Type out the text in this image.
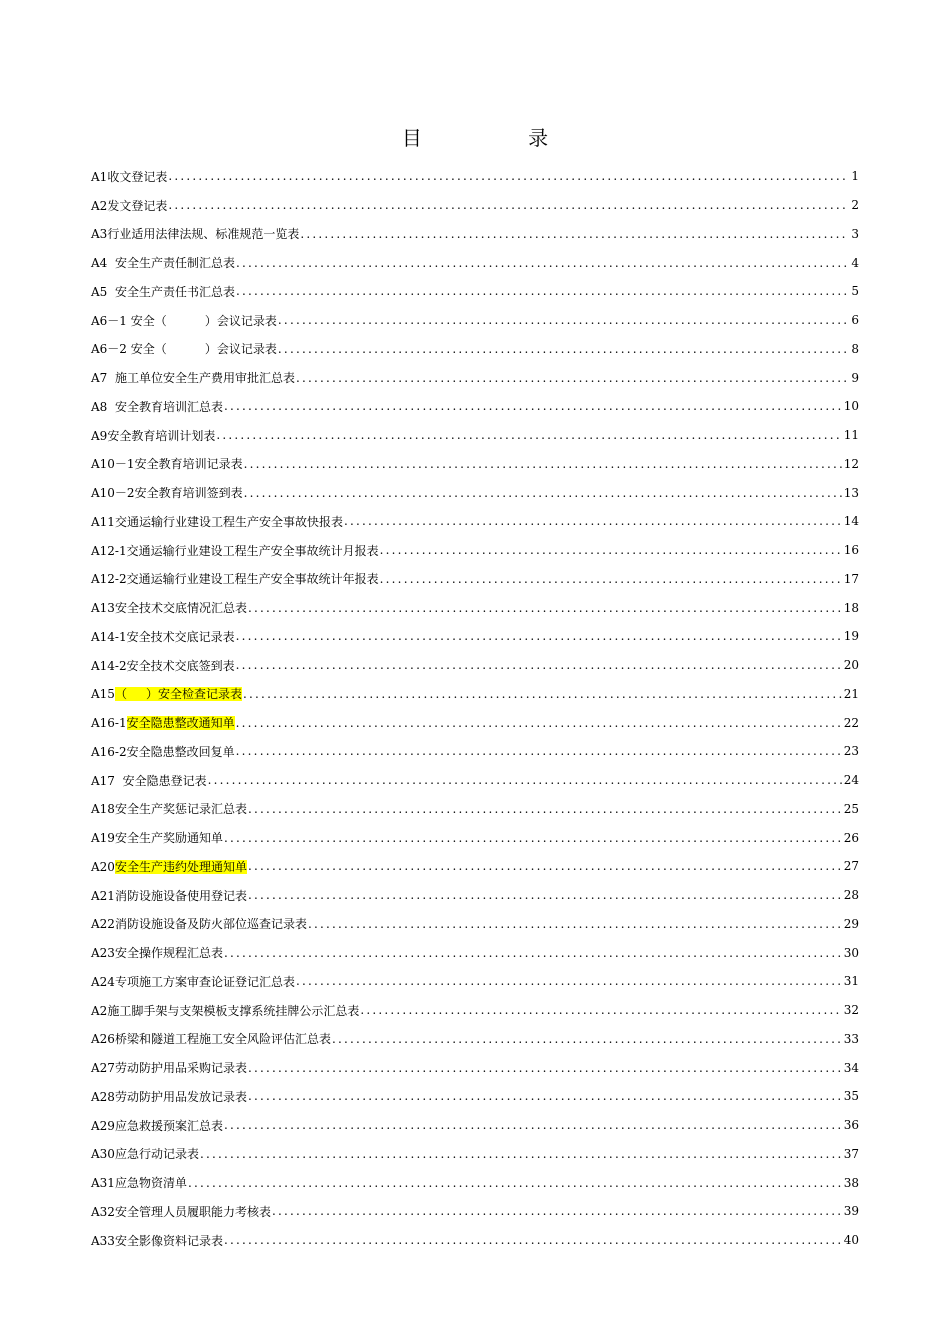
目 录
A1收文登记表 .....	1
A2发文登记表 .....	2
A3行业适用法律法规、标准规范一览表 .....	3
A4 安全生产责任制汇总表 .....	4
A5 安全生产责任书汇总表 .....	5
A6－1 安全（          ）会议记录表 .....	6
A6－2 安全（          ）会议记录表 .....	8
A7 施工单位安全生产费用审批汇总表 .....	9
A8 安全教育培训汇总表 .....	10
A9安全教育培训计划表 .....	11
A10－1安全教育培训记录表 .....	12
A10－2安全教育培训签到表 .....	13
A11交通运输行业建设工程生产安全事故快报表 .....	14
A12-1交通运输行业建设工程生产安全事故统计月报表 .....	16
A12-2交通运输行业建设工程生产安全事故统计年报表 .....	17
A13安全技术交底情况汇总表 .....	18
A14-1安全技术交底记录表 .....	19
A14-2安全技术交底签到表 .....	20
A15（     ）安全检查记录表 .....	21
A16-1安全隐患整改通知单 .....	22
A16-2安全隐患整改回复单 .....	23
A17 安全隐患登记表 .....	24
A18安全生产奖惩记录汇总表 .....	25
A19安全生产奖励通知单 .....	26
A20安全生产违约处理通知单 .....	27
A21消防设施设备使用登记表 .....	28
A22消防设施设备及防火部位巡查记录表 .....	29
A23安全操作规程汇总表 .....	30
A24专项施工方案审查论证登记汇总表 .....	31
A2施工脚手架与支架模板支撑系统挂牌公示汇总表 .....	32
A26桥梁和隧道工程施工安全风险评估汇总表 .....	33
A27劳动防护用品采购记录表 .....	34
A28劳动防护用品发放记录表 .....	35
A29应急救援预案汇总表 .....	36
A30应急行动记录表 .....	37
A31应急物资清单 .....	38
A32安全管理人员履职能力考核表 .....	39
A33安全影像资料记录表 .....	40
